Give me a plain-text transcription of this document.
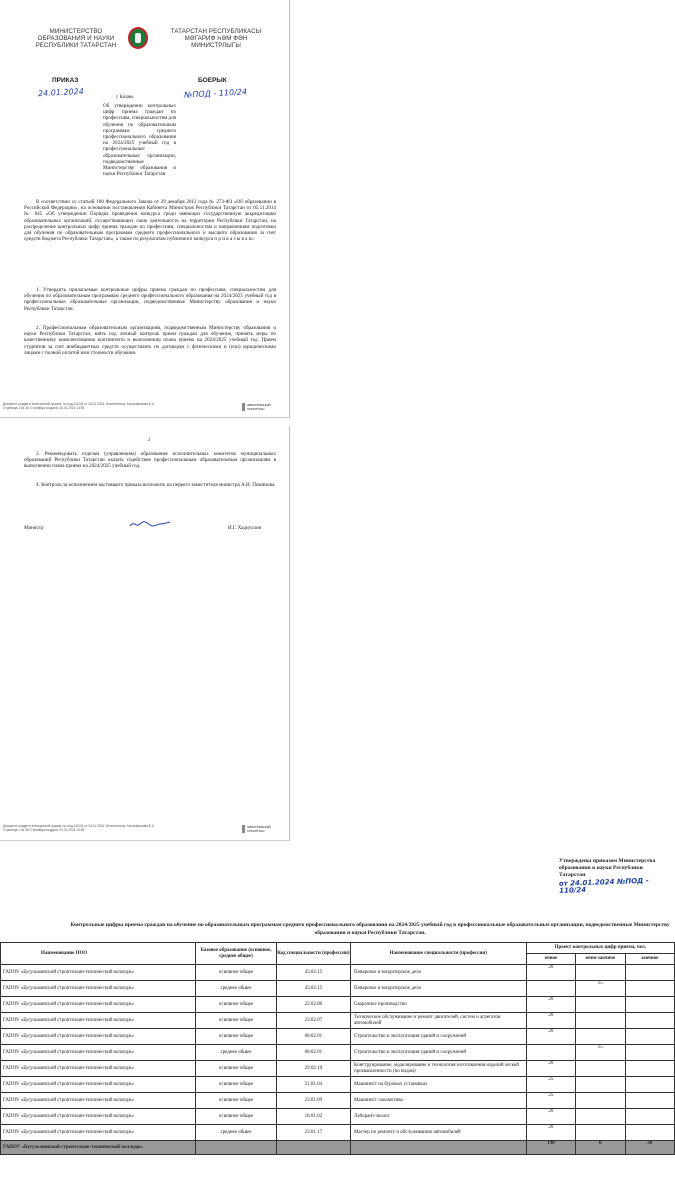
МИНИСТЕРСТВО ОБРАЗОВАНИЯ И НАУКИ РЕСПУБЛИКИ ТАТАРСТАН
ТАТАРСТАН РЕСПУБЛИКАСЫ МӘГАРИФ ҺӘМ ФӘН МИНИСТРЛЫГЫ
ПРИКАЗ	БОЕРЫК
24.01.2024	г. Казань	№ПОД - 110/24
Об утверждении контрольных цифр приема граждан по профессиям, специальностям для обучения по образовательным программам среднего профессионального образования на 2024/2025 учебный год в профессиональные образовательные организации, подведомственные Министерству образования и науки Республики Татарстан
В соответствии со статьей 100 Федерального Закона от 29 декабря 2012 года № 273-ФЗ «Об образовании в Российской Федерации», на основании постановления Кабинета Министров Республики Татарстан от 05.11.2014 № 845 «Об утверждении Порядка проведения конкурса среди имеющих государственную аккредитацию образовательных организаций, осуществляющих свою деятельность на территории Республики Татарстан, на распределение контрольных цифр приема граждан по профессиям, специальностям и направлениям подготовки для обучения по образовательным программам среднего профессионального и высшего образования за счет средств бюджета Республики Татарстан», а также по результатам публичного конкурса п р и к а з ы в а ю:
1. Утвердить прилагаемые контрольные цифры приема граждан по профессиям, специальностям для обучения по образовательным программам среднего профессионального образования на 2024/2025 учебный год в профессиональные образовательные организации, подведомственные Министерству образования и науки Республики Татарстан.
2. Профессиональным образовательным организациям, подведомственным Министерству образования и науки Республики Татарстан, взять под личный контроль прием граждан для обучения, принять меры по качественному комплектованию контингента и выполнению плана приема на 2024/2025 учебный год. Прием студентов за счет внебюджетных средств осуществлять по договорам с физическими и (или) юридическими лицами с полной оплатой ими стоимости обучения.
Документ создан в электронной форме. № под-110/24 от 24.01.2024. Исполнитель: Митрофанова Е.А.
Страница 1 из 28. Страница создана: 24.01.2024 13:55
ЭЛЕКТРОННЫЙ ТАТАРСТАН
2
3. Рекомендовать отделам (управлениям) образования исполнительных комитетов муниципальных образований Республики Татарстан оказать содействие профессиональным образовательным организациям в выполнении плана приема на 2024/2025 учебный год.
4. Контроль за исполнением настоящего приказа возложить на первого заместителя министра А.И. Поминова.
Министр	И.Г. Хадиуллин
Документ создан в электронной форме. № под-110/24 от 24.01.2024. Исполнитель: Митрофанова Е.А.
Страница 2 из 28. Страница создана: 24.01.2024 13:55
ЭЛЕКТРОННЫЙ ТАТАРСТАН
Утверждены приказом Министерства образования и науки Республики Татарстан
от 24.01.2024 №ПОД - 110/24
Контрольные цифры приема граждан на обучение по образовательным программам среднего профессионального образования на 2024/2025 учебный год в профессиональные образовательные организации, подведомственные Министерству образования и науки Республики Татарстан.
Наименование ПОО	Базовое образование (основное, среднее общее)	Код специальности (профессии)	Наименование специальности (профессии)	Проект контрольных цифр приема, чел.		
				очное	очно-заочное	заочное
ГАПОУ «Бугульминский строительно-технический колледж»	основное общее	43.02.15	Поварское и кондитерское дело	20		
ГАПОУ «Бугульминский строительно-технический колледж»	среднее общее	43.02.15	Поварское и кондитерское дело		15	
ГАПОУ «Бугульминский строительно-технический колледж»	основное общее	22.02.06	Сварочное производство	20		
ГАПОУ «Бугульминский строительно-технический колледж»	основное общее	23.02.07	Техническое обслуживание и ремонт двигателей, систем и агрегатов автомобилей	20		
ГАПОУ «Бугульминский строительно-технический колледж»	основное общее	08.02.01	Строительство и эксплуатация зданий и сооружений	20		
ГАПОУ «Бугульминский строительно-технический колледж»	среднее общее	08.02.01	Строительство и эксплуатация зданий и сооружений		15	
ГАПОУ «Бугульминский строительно-технический колледж»	основное общее	29.02.10	Конструирование, моделирование и технология изготовления изделий легкой промышленности (по видам)	20		
ГАПОУ «Бугульминский строительно-технический колледж»	основное общее	21.01.04	Машинист на буровых установках	25		
ГАПОУ «Бугульминский строительно-технический колледж»	основное общее	23.01.09	Машинист локомотива	25		
ГАПОУ «Бугульминский строительно-технический колледж»	основное общее	18.01.02	Лаборант-эколог	20		
ГАПОУ «Бугульминский строительно-технический колледж»	среднее общее	23.01.17	Мастер по ремонту и обслуживанию автомобилей	20		
ГАПОУ «Бугульминский строительно-технический колледж»				190	0	30
